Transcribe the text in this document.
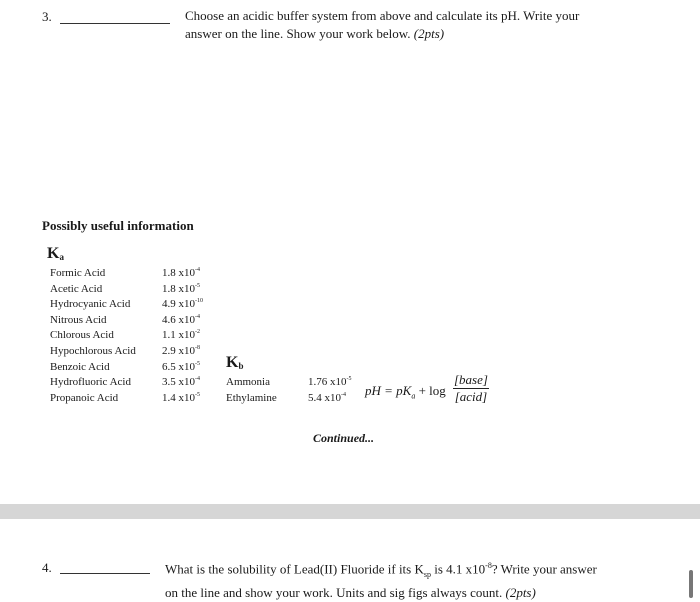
3.	Choose an acidic buffer system from above and calculate its pH. Write your
answer on the line. Show your work below. (2pts)
Possibly useful information
$K_a$
Formic Acid	1.8 $x10^{-4}$
Acetic Acid	1.8 $x10^{-5}$
Hydrocyanic Acid	4.9 $x10^{-10}$
Nitrous Acid	4.6 $x10^{-4}$
Chlorous Acid	1.1 $x10^{-2}$
Hypochlorous Acid 2.9 $x10^{-8}$
Benzoic Acid	6.5 $x10^{-5}$
Hydrofluoric Acid	3.5 $x10^{-4}$
Propanoic Acid	1.4 $x10^{-5}$
$K_b$
Ammonia	1.76 $x10^{-5}$
Ethylamine	5.4 $x10^{-4}$ pH = $pK_a + \log$
[base]
[acid]
Continued...
4.	What is the solubility of Lead(II) Fluoride if its $K_{sp}$ is 4.1 $x10^{-8}$? Write your answer
on the line and show your work. Units and sig figs always count. (2pts)
